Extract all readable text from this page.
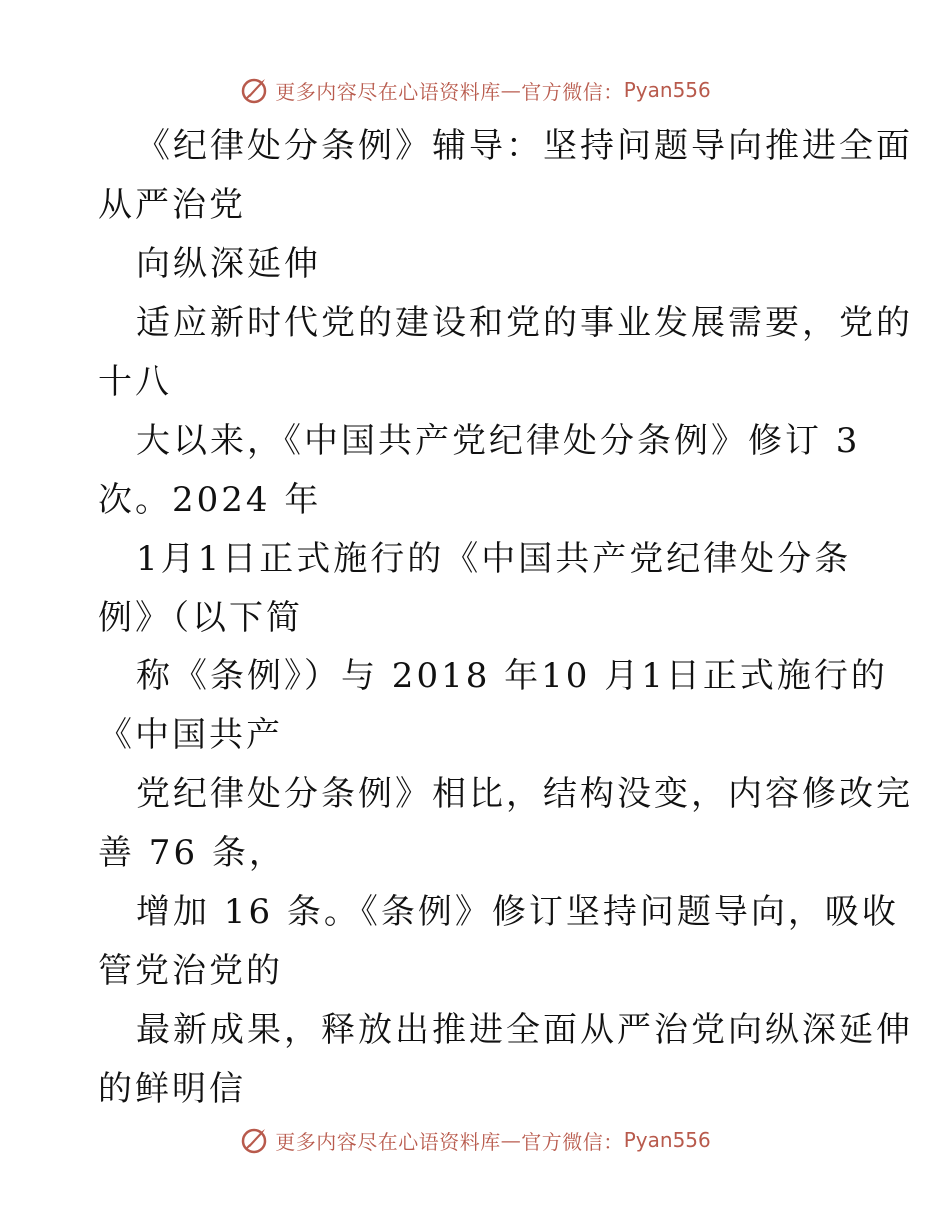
更多内容尽在心语资料库 — 官方微信： Pyan556

《纪律处分条例》辅导：坚持问题导向推进全面

从严治党

向纵深延伸

适应新时代党的建设和党的事业发展需要，党的

十八

大以来，《中国共产党纪律处分条例》修订 3

次。2024 年

1月1日正式施行的《中国共产党纪律处分条

例》（以下简

称《条例》）与 2018 年10 月1日正式施行的

《中国共产

党纪律处分条例》相比，结构没变，内容修改完

善 76 条，

增加 16 条。《条例》修订坚持问题导向，吸收

管党治党的

最新成果，释放出推进全面从严治党向纵深延伸

的鲜明信

更多内容尽在心语资料库 — 官方微信： Pyan556
